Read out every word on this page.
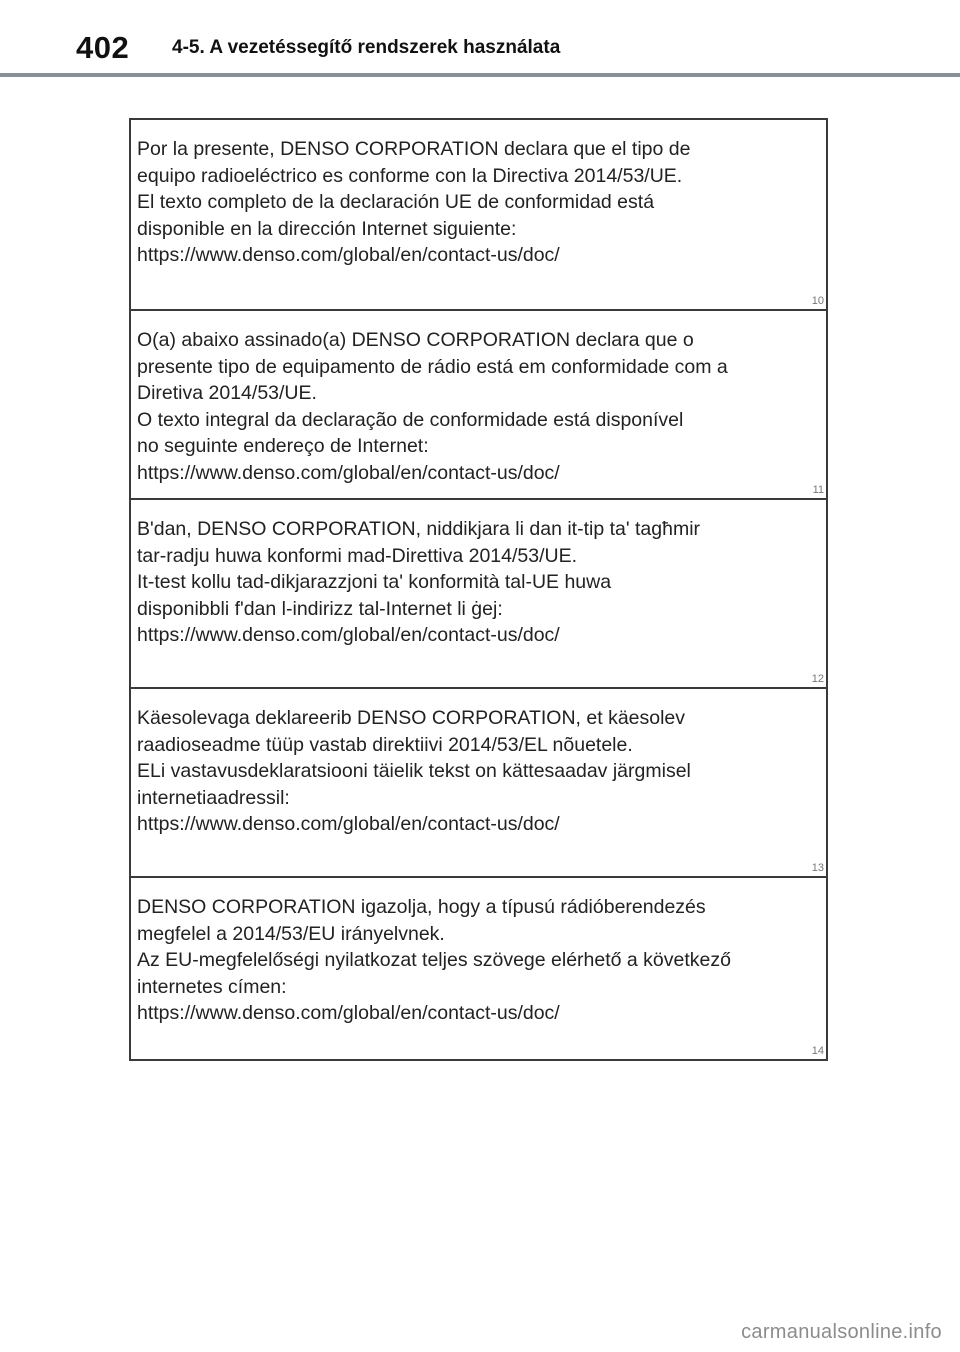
402 4-5. A vezetéssegítő rendszerek használata

Por la presente, DENSO CORPORATION declara que el tipo de
equipo radioeléctrico es conforme con la Directiva 2014/53/UE.
El texto completo de la declaración UE de conformidad está
disponible en la dirección Internet siguiente:
https://www.denso.com/global/en/contact-us/doc/

10

O(a) abaixo assinado(a) DENSO CORPORATION declara que o
presente tipo de equipamento de rádio está em conformidade com a
Diretiva 2014/53/UE.
O texto integral da declaração de conformidade está disponível
no seguinte endereço de Internet:
https://www.denso.com/global/en/contact-us/doc/

11

B'dan, DENSO CORPORATION, niddikjara li dan it-tip ta' tagħmir
tar-radju huwa konformi mad-Direttiva 2014/53/UE.
It-test kollu tad-dikjarazzjoni ta' konformità tal-UE huwa
disponibbli f'dan l-indirizz tal-Internet li ġej:
https://www.denso.com/global/en/contact-us/doc/

12

Käesolevaga deklareerib DENSO CORPORATION, et käesolev
raadioseadme tüüp vastab direktiivi 2014/53/EL nõuetele.
ELi vastavusdeklaratsiooni täielik tekst on kättesaadav järgmisel
internetiaadressil:
https://www.denso.com/global/en/contact-us/doc/

13

DENSO CORPORATION igazolja, hogy a típusú rádióberendezés
megfelel a 2014/53/EU irányelvnek.
Az EU-megfelelőségi nyilatkozat teljes szövege elérhető a következő
internetes címen:
https://www.denso.com/global/en/contact-us/doc/

14
carmanualsonline.info
